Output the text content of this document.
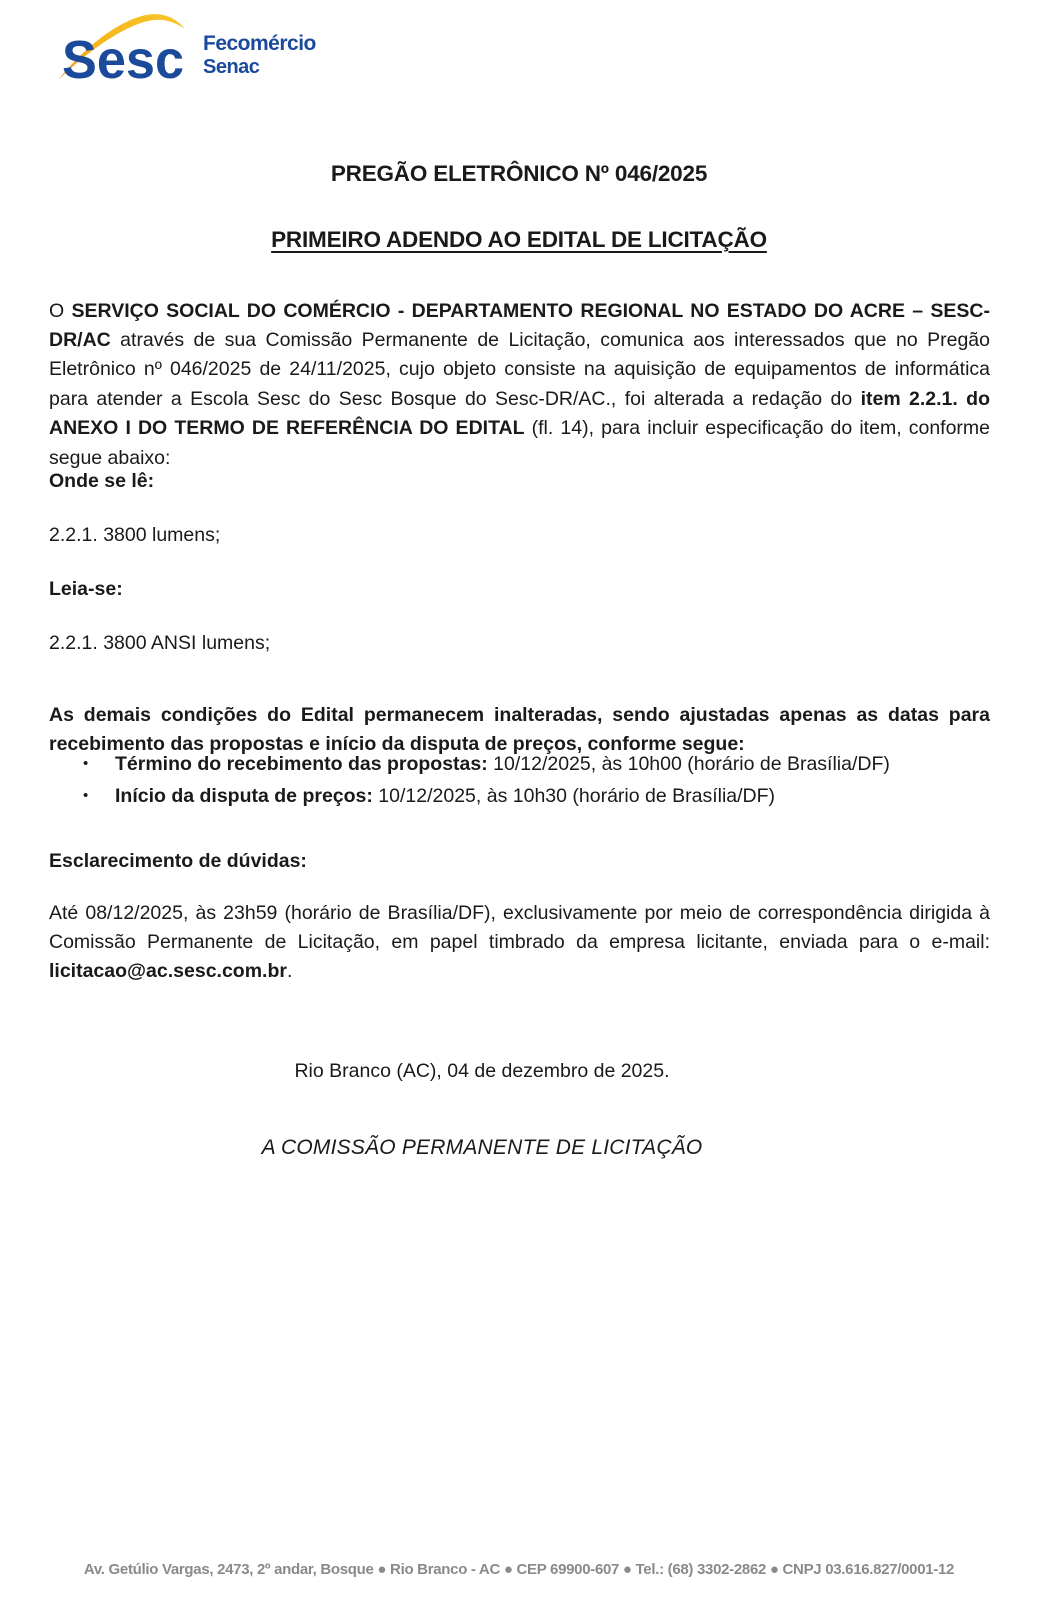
Sesc Fecomércio
Senac
PREGÃO ELETRÔNICO Nº 046/2025
PRIMEIRO ADENDO AO EDITAL DE LICITAÇÃO

O SERVIÇO SOCIAL DO COMÉRCIO - DEPARTAMENTO REGIONAL NO ESTADO DO ACRE – SESC-DR/AC através de sua Comissão Permanente de Licitação, comunica aos interessados que no Pregão Eletrônico nº 046/2025 de 24/11/2025, cujo objeto consiste na aquisição de equipamentos de informática para atender a Escola Sesc do Sesc Bosque do Sesc-DR/AC., foi alterada a redação do item 2.2.1. do ANEXO I DO TERMO DE REFERÊNCIA DO EDITAL (fl. 14), para incluir especificação do item, conforme segue abaixo:

Onde se lê:
2.2.1. 3800 lumens;
Leia-se:
2.2.1. 3800 ANSI lumens;

As demais condições do Edital permanecem inalteradas, sendo ajustadas apenas as datas para recebimento das propostas e início da disputa de preços, conforme segue:

• Término do recebimento das propostas: 10/12/2025, às 10h00 (horário de Brasília/DF)
• Início da disputa de preços: 10/12/2025, às 10h30 (horário de Brasília/DF)
Esclarecimento de dúvidas:

Até 08/12/2025, às 23h59 (horário de Brasília/DF), exclusivamente por meio de correspondência dirigida à Comissão Permanente de Licitação, em papel timbrado da empresa licitante, enviada para o e-mail: licitacao@ac.sesc.com.br.

Rio Branco (AC), 04 de dezembro de 2025.
A COMISSÃO PERMANENTE DE LICITAÇÃO
Av. Getúlio Vargas, 2473, 2º andar, Bosque ● Rio Branco - AC ● CEP 69900-607 ● Tel.: (68) 3302-2862 ● CNPJ 03.616.827/0001-12
